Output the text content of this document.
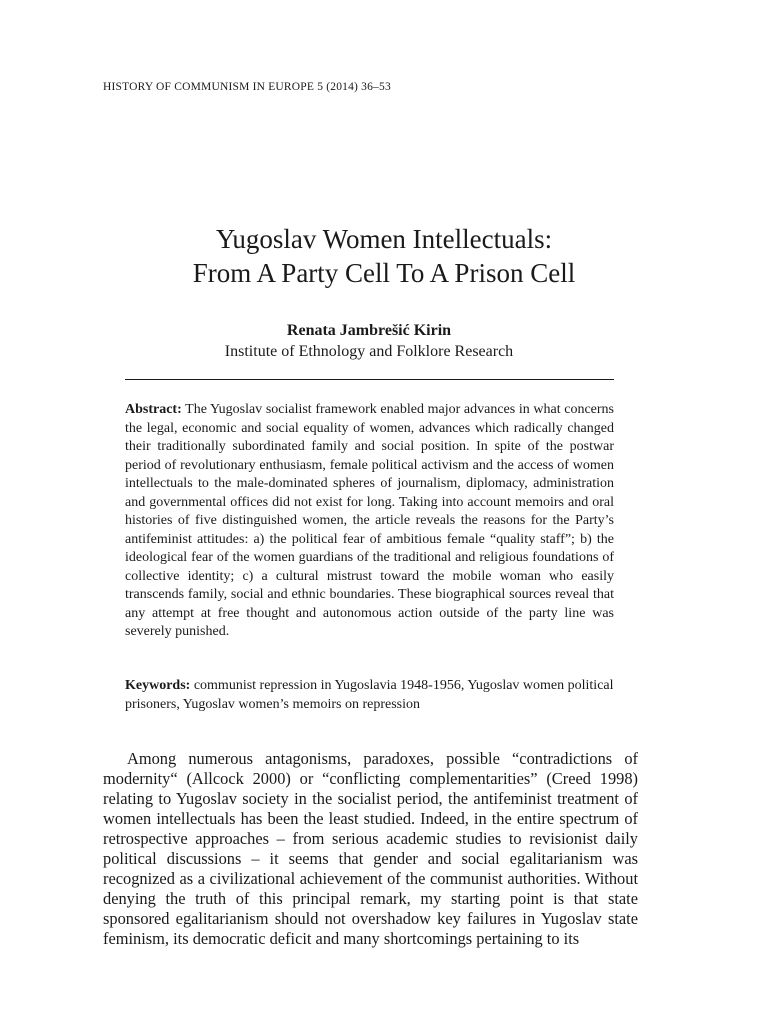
HISTORY OF COMMUNISM IN EUROPE 5 (2014) 36–53
Yugoslav Women Intellectuals:
From A Party Cell To A Prison Cell
Renata Jambrešić Kirin
Institute of Ethnology and Folklore Research
Abstract: The Yugoslav socialist framework enabled major advances in what concerns the legal, economic and social equality of women, advances which radically changed their traditionally subordinated family and social position. In spite of the postwar period of revolutionary enthusiasm, female political activism and the access of women intellectuals to the male-dominated spheres of journalism, diplomacy, administration and governmental offices did not exist for long. Taking into account memoirs and oral histories of five distinguished women, the article reveals the reasons for the Party’s antifeminist attitudes: a) the political fear of ambitious female “quality staff”; b) the ideological fear of the women guardians of the traditional and religious foundations of collective identity; c) a cultural mistrust toward the mobile woman who easily transcends family, social and ethnic boundaries. These biographical sources reveal that any attempt at free thought and autonomous action outside of the party line was severely punished.
Keywords: communist repression in Yugoslavia 1948-1956, Yugoslav women political prisoners, Yugoslav women’s memoirs on repression

Among numerous antagonisms, paradoxes, possible “contradictions of modernity“ (Allcock 2000) or “conflicting complementarities” (Creed 1998) relating to Yugoslav society in the socialist period, the antifeminist treatment of women intellectuals has been the least studied. Indeed, in the entire spectrum of retrospective approaches – from serious academic studies to revisionist daily political discussions – it seems that gender and social egalitarianism was recognized as a civilizational achievement of the communist authorities. Without denying the truth of this principal remark, my starting point is that state sponsored egalitarianism should not overshadow key failures in Yugoslav state feminism, its democratic deficit and many shortcomings pertaining to its
